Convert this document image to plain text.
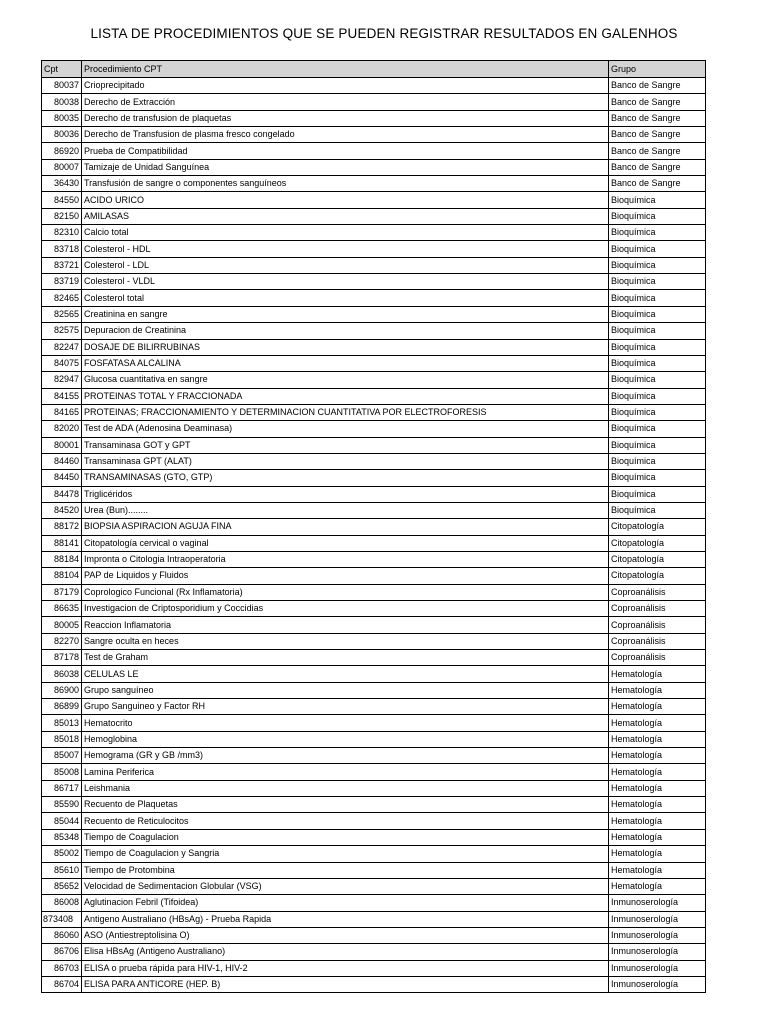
LISTA DE PROCEDIMIENTOS QUE SE PUEDEN REGISTRAR RESULTADOS EN GALENHOS
Cpt	Procedimiento CPT	Grupo
80037	Crioprecipitado	Banco de Sangre
80038	Derecho de Extracción	Banco de Sangre
80035	Derecho de transfusion de plaquetas	Banco de Sangre
80036	Derecho de Transfusion de plasma fresco congelado	Banco de Sangre
86920	Prueba de Compatibilidad	Banco de Sangre
80007	Tamizaje de Unidad Sanguínea	Banco de Sangre
36430	Transfusión de sangre o componentes sanguíneos	Banco de Sangre
84550	ACIDO URICO	Bioquímica
82150	AMILASAS	Bioquímica
82310	Calcio total	Bioquímica
83718	Colesterol - HDL	Bioquímica
83721	Colesterol - LDL	Bioquímica
83719	Colesterol - VLDL	Bioquímica
82465	Colesterol total	Bioquímica
82565	Creatinina en sangre	Bioquímica
82575	Depuracion de Creatinina	Bioquímica
82247	DOSAJE DE BILIRRUBINAS	Bioquímica
84075	FOSFATASA ALCALINA	Bioquímica
82947	Glucosa cuantitativa en sangre	Bioquímica
84155	PROTEINAS TOTAL Y FRACCIONADA	Bioquímica
84165	PROTEINAS; FRACCIONAMIENTO Y DETERMINACION CUANTITATIVA POR ELECTROFORESIS	Bioquímica
82020	Test de ADA (Adenosina Deaminasa)	Bioquímica
80001	Transaminasa GOT y GPT	Bioquímica
84460	Transaminasa GPT (ALAT)	Bioquímica
84450	TRANSAMINASAS (GTO, GTP)	Bioquímica
84478	Triglicéridos	Bioquímica
84520	Urea (Bun)........	Bioquímica
88172	BIOPSIA ASPIRACION AGUJA FINA	Citopatología
88141	Citopatología cervical o vaginal	Citopatología
88184	Impronta o Citologia Intraoperatoria	Citopatología
88104	PAP de Liquidos y Fluidos	Citopatología
87179	Coprologico Funcional (Rx Inflamatoria)	Coproanálisis
86635	Investigacion de Criptosporidium y Coccidias	Coproanálisis
80005	Reaccion Inflamatoria	Coproanálisis
82270	Sangre oculta en heces	Coproanálisis
87178	Test de Graham	Coproanálisis
86038	CELULAS LE	Hematología
86900	Grupo sanguíneo	Hematología
86899	Grupo Sanguineo y Factor RH	Hematología
85013	Hematocrito	Hematología
85018	Hemoglobina	Hematología
85007	Hemograma (GR y GB /mm3)	Hematología
85008	Lamina Periferica	Hematología
86717	Leishmania	Hematología
85590	Recuento de Plaquetas	Hematología
85044	Recuento de Reticulocitos	Hematología
85348	Tiempo de Coagulacion	Hematología
85002	Tiempo de Coagulacion y Sangria	Hematología
85610	Tiempo de Protombina	Hematología
85652	Velocidad de Sedimentacion Globular (VSG)	Hematología
86008	Aglutinacion Febril (Tifoidea)	Inmunoserología
873408	Antigeno Australiano (HBsAg) - Prueba Rapida	Inmunoserología
86060	ASO (Antiestreptolisina O)	Inmunoserología
86706	Elisa HBsAg (Antigeno Australiano)	Inmunoserología
86703	ELISA o prueba rápida para HIV-1, HIV-2	Inmunoserología
86704	ELISA PARA ANTICORE (HEP. B)	Inmunoserología
